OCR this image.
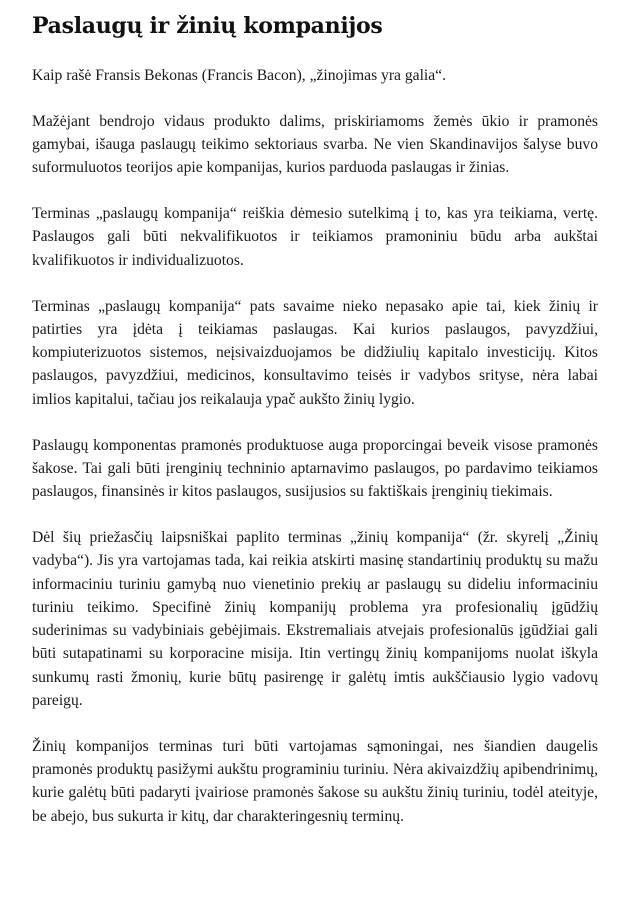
Paslaugų ir žinių kompanijos

Kaip rašė Fransis Bekonas (Francis Bacon), „žinojimas yra galia“.

Mažėjant bendrojo vidaus produkto dalims, priskiriamoms žemės ūkio ir pramonės gamybai, išauga paslaugų teikimo sektoriaus svarba. Ne vien Skandinavijos šalyse buvo suformuluotos teorijos apie kompanijas, kurios parduoda paslaugas ir žinias.

Terminas „paslaugų kompanija“ reiškia dėmesio sutelkimą į to, kas yra teikiama, vertę. Paslaugos gali būti nekvalifikuotos ir teikiamos pramoniniu būdu arba aukštai kvalifikuotos ir individualizuotos.

Terminas „paslaugų kompanija“ pats savaime nieko nepasako apie tai, kiek žinių ir patirties yra įdėta į teikiamas paslaugas. Kai kurios paslaugos, pavyzdžiui, kompiuterizuotos sistemos, neįsivaizduojamos be didžiulių kapitalo investicijų. Kitos paslaugos, pavyzdžiui, medicinos, konsultavimo teisės ir vadybos srityse, nėra labai imlios kapitalui, tačiau jos reikalauja ypač aukšto žinių lygio.

Paslaugų komponentas pramonės produktuose auga proporcingai beveik visose pramonės šakose. Tai gali būti įrenginių techninio aptarnavimo paslaugos, po pardavimo teikiamos paslaugos, finansinės ir kitos paslaugos, susijusios su faktiškais įrenginių tiekimais.

Dėl šių priežasčių laipsniškai paplito terminas „žinių kompanija“ (žr. skyrelį „Žinių vadyba“). Jis yra vartojamas tada, kai reikia atskirti masinę standartinių produktų su mažu informaciniu turiniu gamybą nuo vienetinio prekių ar paslaugų su dideliu informaciniu turiniu teikimo. Specifinė žinių kompanijų problema yra profesionalių įgūdžių suderinimas su vadybiniais gebėjimais. Ekstremaliais atvejais profesionalūs įgūdžiai gali būti sutapatinami su korporacine misija. Itin vertingų žinių kompanijoms nuolat iškyla sunkumų rasti žmonių, kurie būtų pasirengę ir galėtų imtis aukščiausio lygio vadovų pareigų.

Žinių kompanijos terminas turi būti vartojamas sąmoningai, nes šiandien daugelis pramonės produktų pasižymi aukštu programiniu turiniu. Nėra akivaizdžių apibendrinimų, kurie galėtų būti padaryti įvairiose pramonės šakose su aukštu žinių turiniu, todėl ateityje, be abejo, bus sukurta ir kitų, dar charakteringesnių terminų.
